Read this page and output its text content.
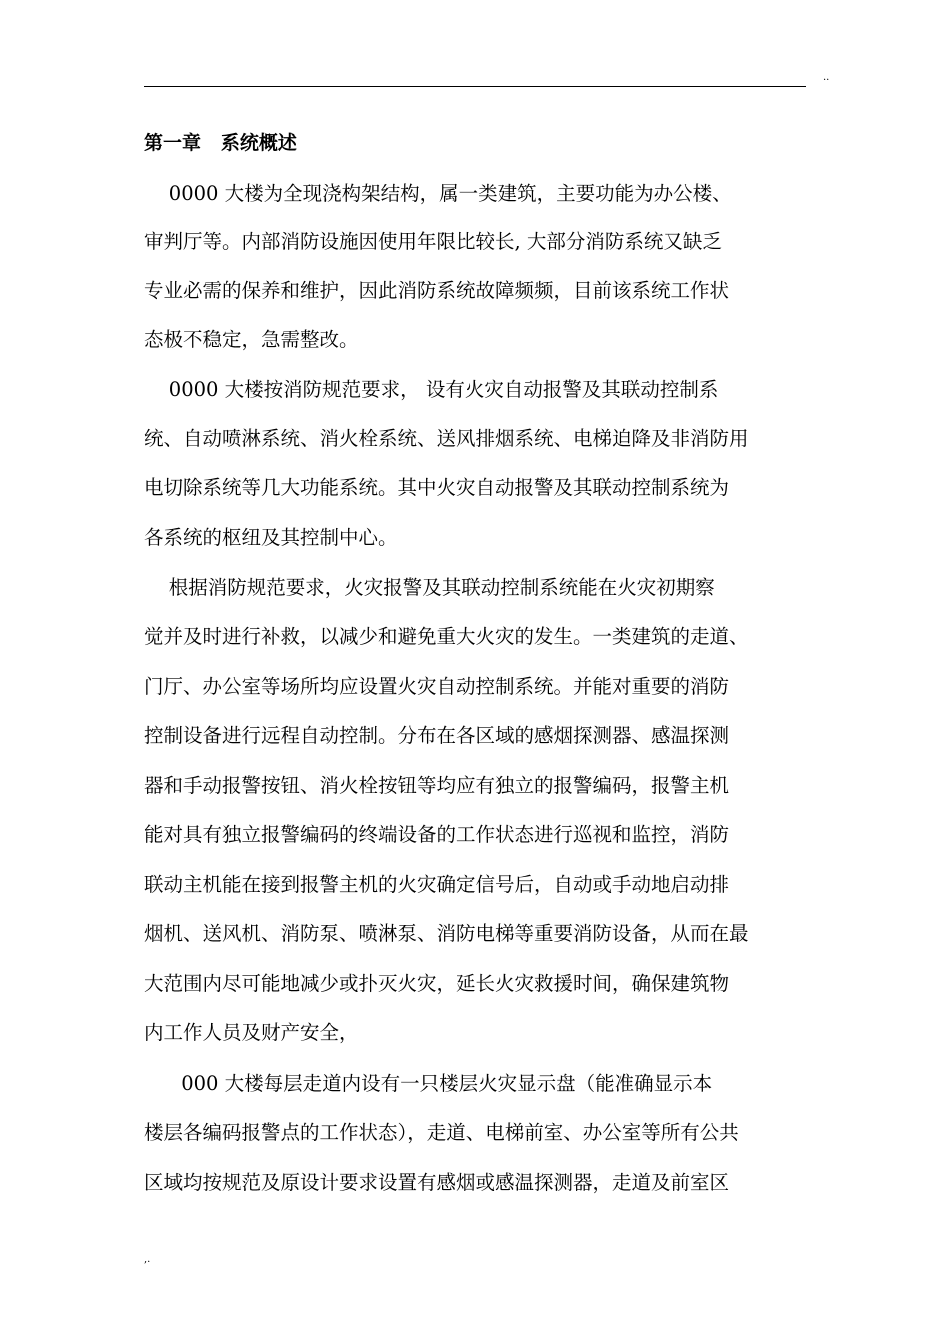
..
第一章   系统概述
0000 大楼为全现浇构架结构，属一类建筑，主要功能为办公楼、
审判厅等。内部消防设施因使用年限比较长, 大部分消防系统又缺乏
专业必需的保养和维护，因此消防系统故障频频，目前该系统工作状
态极不稳定，急需整改。
0000 大楼按消防规范要求， 设有火灾自动报警及其联动控制系
统、自动喷淋系统、消火栓系统、送风排烟系统、电梯迫降及非消防用
电切除系统等几大功能系统。其中火灾自动报警及其联动控制系统为
各系统的枢纽及其控制中心。
根据消防规范要求，火灾报警及其联动控制系统能在火灾初期察
觉并及时进行补救，以减少和避免重大火灾的发生。一类建筑的走道、
门厅、办公室等场所均应设置火灾自动控制系统。并能对重要的消防
控制设备进行远程自动控制。分布在各区域的感烟探测器、感温探测
器和手动报警按钮、消火栓按钮等均应有独立的报警编码，报警主机
能对具有独立报警编码的终端设备的工作状态进行巡视和监控，消防
联动主机能在接到报警主机的火灾确定信号后，自动或手动地启动排
烟机、送风机、消防泵、喷淋泵、消防电梯等重要消防设备，从而在最
大范围内尽可能地减少或扑灭火灾，延长火灾救援时间，确保建筑物
内工作人员及财产安全，
000 大楼每层走道内设有一只楼层火灾显示盘（能准确显示本
楼层各编码报警点的工作状态），走道、电梯前室、办公室等所有公共
区域均按规范及原设计要求设置有感烟或感温探测器，走道及前室区
,.
